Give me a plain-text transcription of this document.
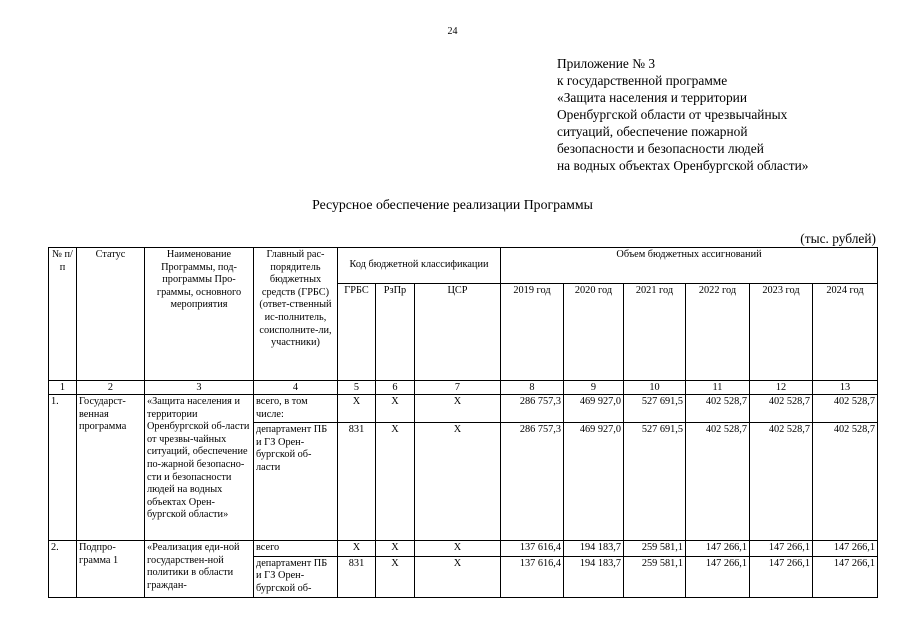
24
Приложение № 3
к государственной программе
«Защита населения и территории
Оренбургской области от чрезвычайных
ситуаций, обеспечение пожарной
безопасности и безопасности людей
на водных объектах Оренбургской области»
Ресурсное обеспечение реализации Программы
(тыс. рублей)
№ п/п	Статус	Наименование Программы, под-программы Про-граммы, основного мероприятия	Главный рас-порядитель бюджетных средств (ГРБС) (ответ-ственный ис-полнитель, соисполните-ли, участники)	Код бюджетной классификации			Объем бюджетных ассигнований					
				ГРБС	РзПр	ЦСР	2019 год	2020 год	2021 год	2022 год	2023 год	2024 год
1	2	3	4	5	6	7	8	9	10	11	12	13
1.	Государст-венная программа	«Защита населения и территории Оренбургской об-ласти от чрезвы-чайных ситуаций, обеспечение по-жарной безопасно-сти и безопасности людей на водных объектах Орен-бургской области»	всего, в том числе:	X	X	X	286 757,3	469 927,0	527 691,5	402 528,7	402 528,7	402 528,7
			департамент ПБ и ГЗ Орен-бургской об-ласти	831	X	X	286 757,3	469 927,0	527 691,5	402 528,7	402 528,7	402 528,7
2.	Подпро-грамма 1	«Реализация еди-ной государствен-ной политики в области граждан-	всего	X	X	X	137 616,4	194 183,7	259 581,1	147 266,1	147 266,1	147 266,1
			департамент ПБ и ГЗ Орен-бургской об-	831	X	X	137 616,4	194 183,7	259 581,1	147 266,1	147 266,1	147 266,1
